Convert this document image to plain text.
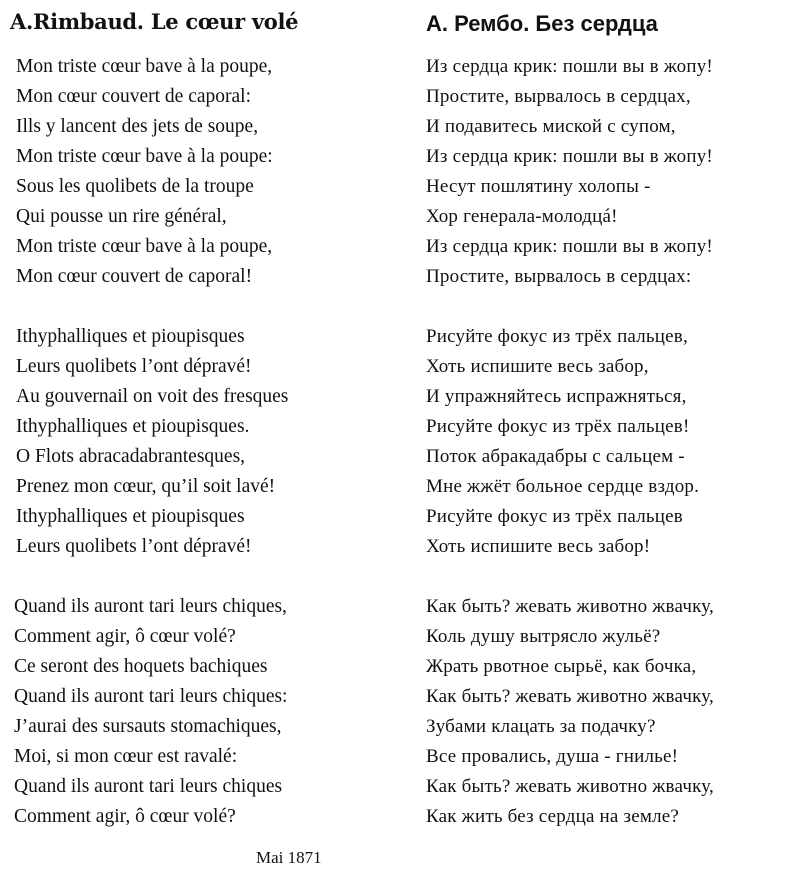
A.Rimbaud. Le cœur volé
Mon triste cœur bave à la poupe,
Mon cœur couvert de caporal:
Ills y lancent des jets de soupe,
Mon triste cœur bave à la poupe:
Sous les quolibets de la troupe
Qui pousse un rire général,
Mon triste cœur bave à la poupe,
Mon cœur couvert de caporal!
Ithyphalliques et pioupisques
Leurs quolibets l’ont dépravé!
Au gouvernail on voit des fresques
Ithyphalliques et pioupisques.
O Flots abracadabrantesques,
Prenez mon cœur, qu’il soit lavé!
Ithyphalliques et pioupisques
Leurs quolibets l’ont dépravé!
Quand ils auront tari leurs chiques,
Comment agir, ô cœur volé?
Ce seront des hoquets bachiques
Quand ils auront tari leurs chiques:
J’aurai des sursauts stomachiques,
Moi, si mon cœur est ravalé:
Quand ils auront tari leurs chiques
Comment agir, ô cœur volé?
А. Рембо. Без сердца
Из сердца крик: пошли вы в жопу!
Простите, вырвалось в сердцах,
И подавитесь миской с супом,
Из сердца крик: пошли вы в жопу!
Несут пошлятину холопы -
Хор генерала-молодцá!
Из сердца крик: пошли вы в жопу!
Простите, вырвалось в сердцах:
Рисуйте фокус из трёх пальцев,
Хоть испишите весь забор,
И упражняйтесь испражняться,
Рисуйте фокус из трёх пальцев!
Поток абракадабры с сальцем -
Мне жжёт больное сердце вздор.
Рисуйте фокус из трёх пальцев
Хоть испишите весь забор!
Как быть? жевать животно жвачку,
Коль душу вытрясло жульё?
Жрать рвотное сырьё, как бочка,
Как быть? жевать животно жвачку,
Зубами клацать за подачку?
Все провались, душа - гнилье!
Как быть? жевать животно жвачку,
Как жить без сердца на земле?
Mai 1871
